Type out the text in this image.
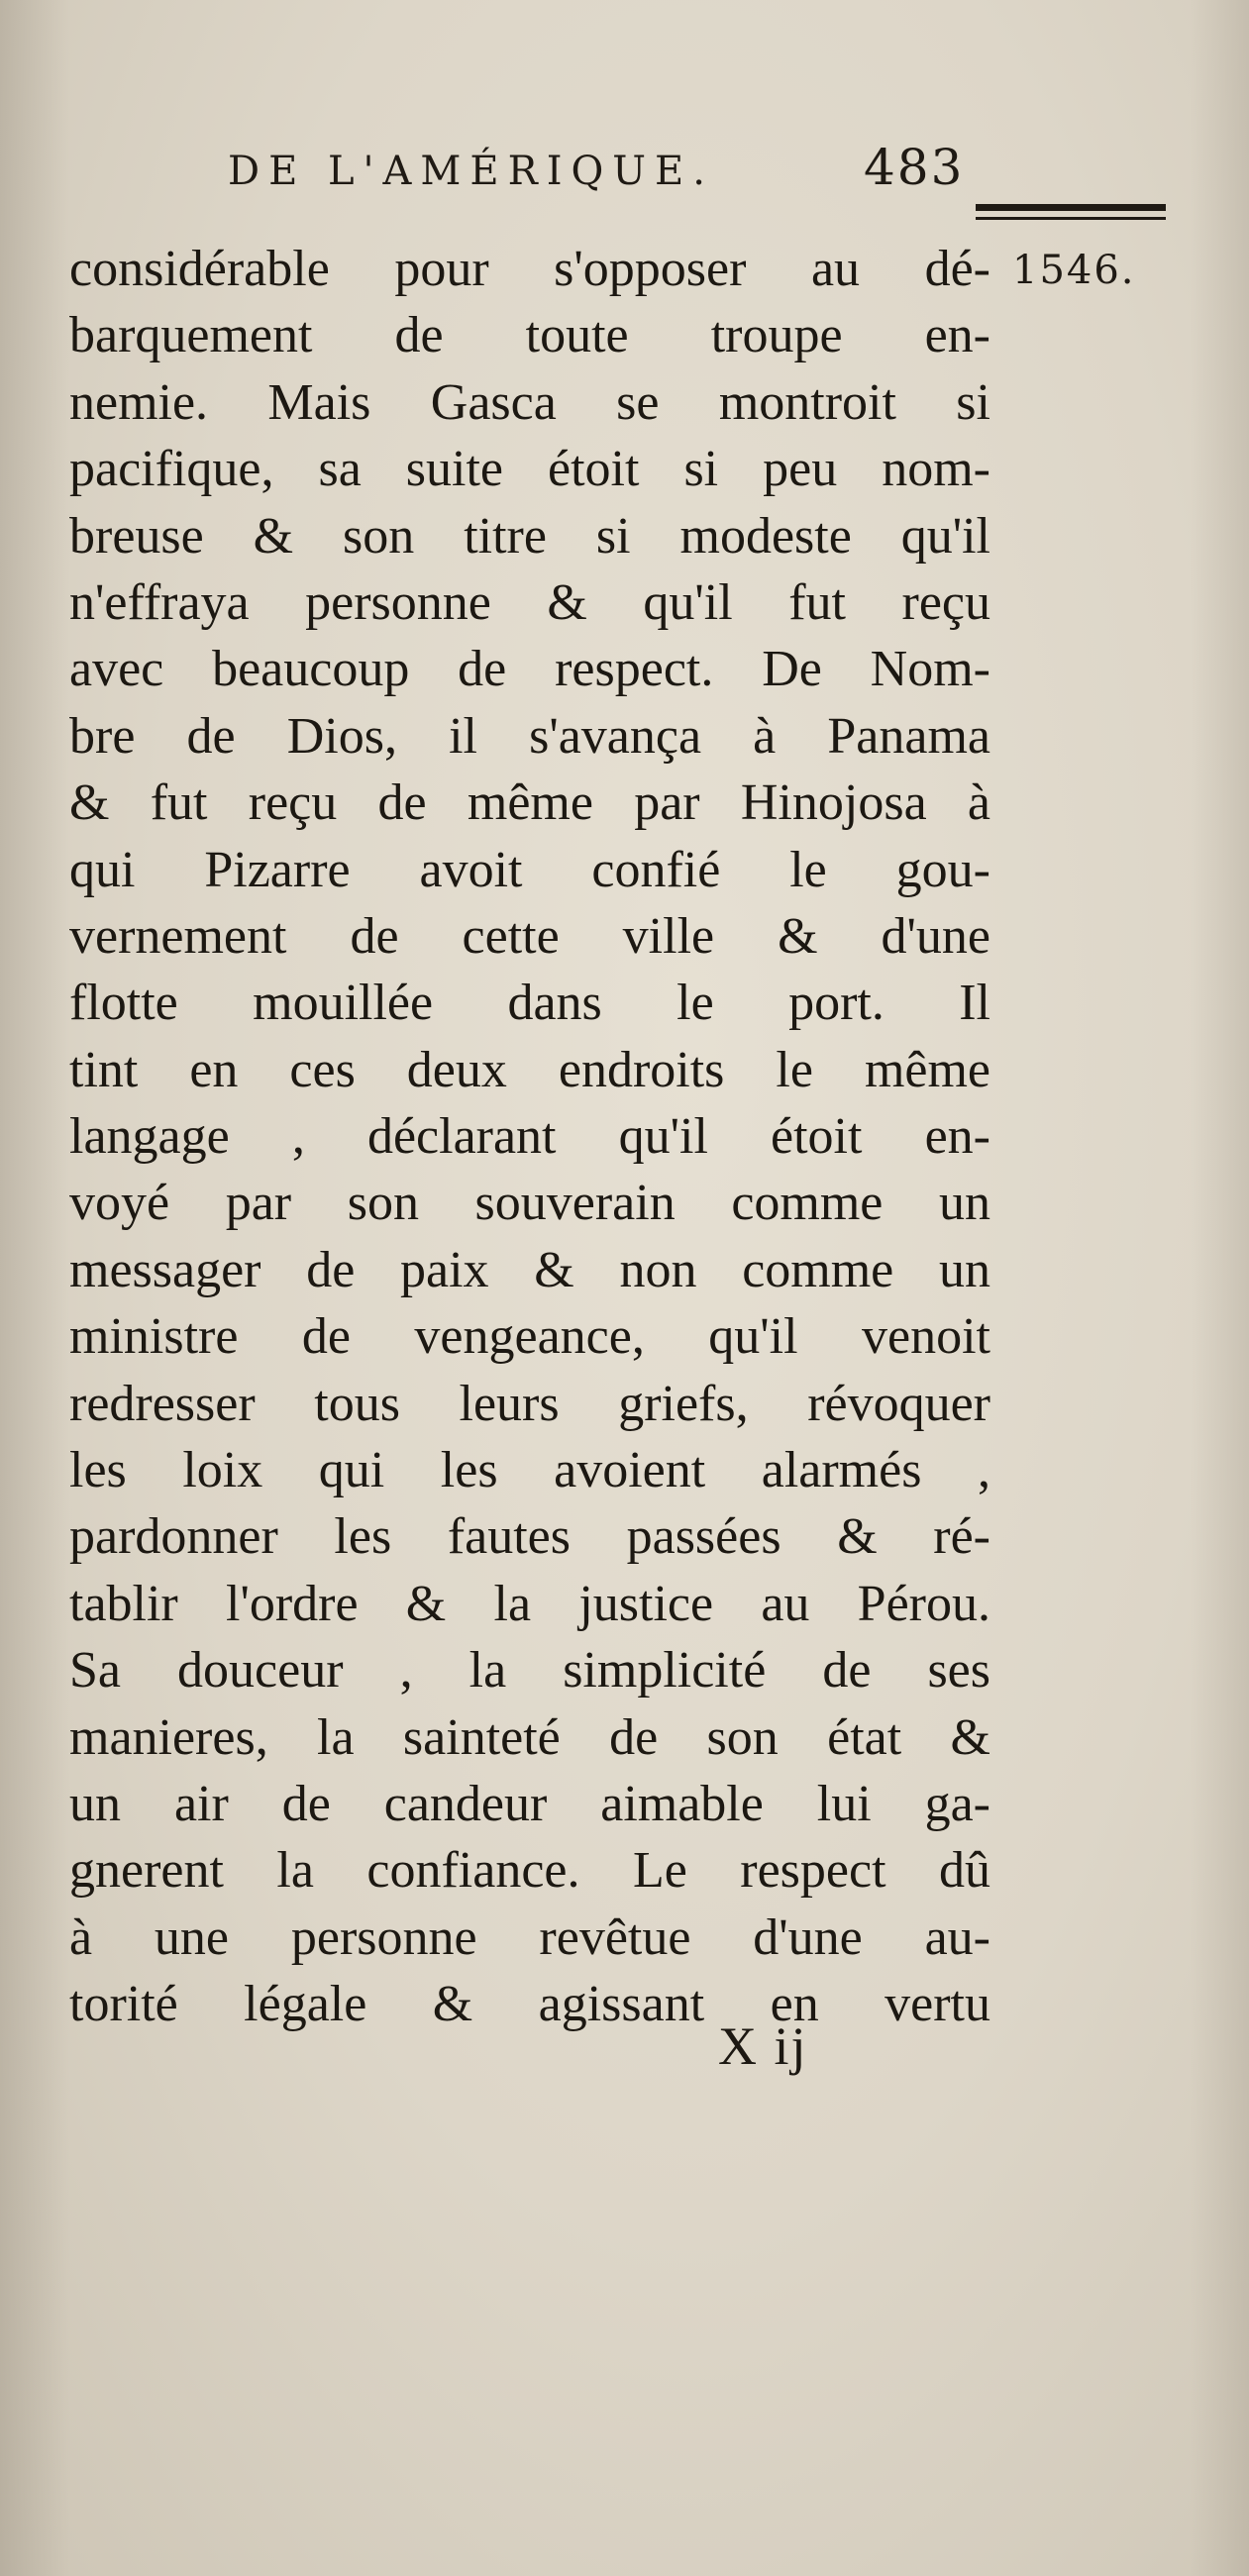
DE L'AMÉRIQUE.	483
1546.
considérable pour s'opposer au dé-
barquement de toute troupe en-
nemie. Mais Gasca se montroit si
pacifique, sa suite étoit si peu nom-
breuse & son titre si modeste qu'il
n'effraya personne & qu'il fut reçu
avec beaucoup de respect. De Nom-
bre de Dios, il s'avança à Panama
& fut reçu de même par Hinojosa à
qui Pizarre avoit confié le gou-
vernement de cette ville & d'une
flotte mouillée dans le port. Il
tint en ces deux endroits le même
langage , déclarant qu'il étoit en-
voyé par son souverain comme un
messager de paix & non comme un
ministre de vengeance, qu'il venoit
redresser tous leurs griefs, révoquer
les loix qui les avoient alarmés ,
pardonner les fautes passées & ré-
tablir l'ordre & la justice au Pérou.
Sa douceur , la simplicité de ses
manieres, la sainteté de son état &
un air de candeur aimable lui ga-
gnerent la confiance. Le respect dû
à une personne revêtue d'une au-
torité légale & agissant en vertu
X ij
